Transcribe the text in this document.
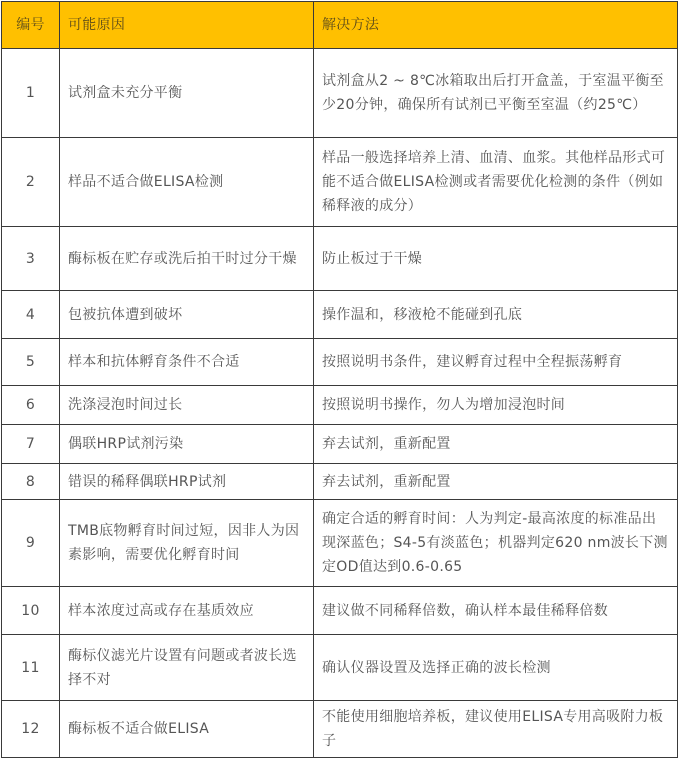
编号	可能原因	解决方法
1	试剂盒未充分平衡	试剂盒从2 ~ 8℃冰箱取出后打开盒盖，于室温平衡至少20分钟，确保所有试剂已平衡至室温（约25℃）
2	样品不适合做ELISA检测	样品一般选择培养上清、血清、血浆。其他样品形式可能不适合做ELISA检测或者需要优化检测的条件（例如稀释液的成分）
3	酶标板在贮存或洗后拍干时过分干燥	防止板过于干燥
4	包被抗体遭到破坏	操作温和，移液枪不能碰到孔底
5	样本和抗体孵育条件不合适	按照说明书条件，建议孵育过程中全程振荡孵育
6	洗涤浸泡时间过长	按照说明书操作，勿人为增加浸泡时间
7	偶联HRP试剂污染	弃去试剂，重新配置
8	错误的稀释偶联HRP试剂	弃去试剂，重新配置
9	TMB底物孵育时间过短，因非人为因素影响，需要优化孵育时间	确定合适的孵育时间：人为判定-最高浓度的标准品出现深蓝色；S4-5有淡蓝色；机器判定620 nm波长下测定OD值达到0.6-0.65
10	样本浓度过高或存在基质效应	建议做不同稀释倍数，确认样本最佳稀释倍数
11	酶标仪滤光片设置有问题或者波长选择不对	确认仪器设置及选择正确的波长检测
12	酶标板不适合做ELISA	不能使用细胞培养板，建议使用ELISA专用高吸附力板子
